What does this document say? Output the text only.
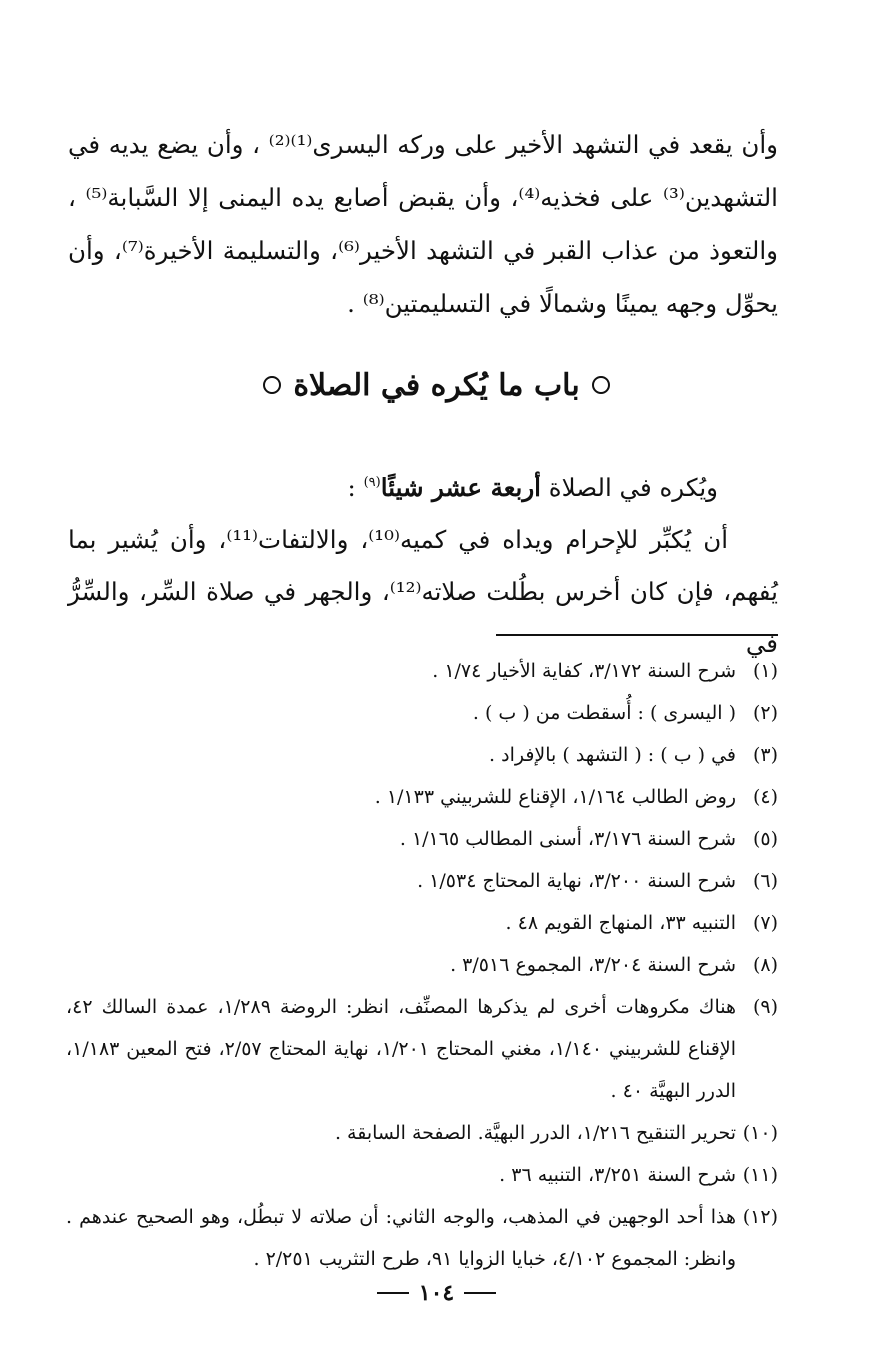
وأن يقعد في التشهد الأخير على وركه اليسرى⁽¹⁾⁽²⁾ ، وأن يضع يديه في التشهدين⁽³⁾ على فخذيه⁽⁴⁾، وأن يقبض أصابع يده اليمنى إلا السَّبابة⁽⁵⁾ ، والتعوذ من عذاب القبر في التشهد الأخير⁽⁶⁾، والتسليمة الأخيرة⁽⁷⁾، وأن يحوِّل وجهه يمينًا وشمالًا في التسليمتين⁽⁸⁾ .

باب ما يُكره في الصلاة

ويُكره في الصلاة أربعة عشر شيئًا$^{(٩)}$ :

أن يُكبِّر للإحرام ويداه في كميه⁽¹⁰⁾، والالتفات⁽¹¹⁾، وأن يُشير بما يُفهم، فإن كان أخرس بطُلت صلاته⁽¹²⁾، والجهر في صلاة السِّر، والسِّرُّ في

(١)
شرح السنة ٣/١٧٢، كفاية الأخيار ١/٧٤ .
(٢)
( اليسرى ) : أُسقطت من ( ب ) .
(٣)
في ( ب ) : ( التشهد ) بالإفراد .
(٤)
روض الطالب ١/١٦٤، الإقناع للشربيني ١/١٣٣ .
(٥)
شرح السنة ٣/١٧٦، أسنى المطالب ١/١٦٥ .
(٦)
شرح السنة ٣/٢٠٠، نهاية المحتاج ١/٥٣٤ .
(٧)
التنبيه ٣٣، المنهاج القويم ٤٨ .
(٨)
شرح السنة ٣/٢٠٤، المجموع ٣/٥١٦ .
(٩)
هناك مكروهات أخرى لم يذكرها المصنِّف، انظر: الروضة ١/٢٨٩، عمدة السالك ٤٢، الإقناع للشربيني ١/١٤٠، مغني المحتاج ١/٢٠١، نهاية المحتاج ٢/٥٧، فتح المعين ١/١٨٣، الدرر البهيَّة ٤٠ .
(١٠)
تحرير التنقيح ١/٢١٦، الدرر البهيَّة. الصفحة السابقة .
(١١)
شرح السنة ٣/٢٥١، التنبيه ٣٦ .
(١٢)
هذا أحد الوجهين في المذهب، والوجه الثاني: أن صلاته لا تبطُل، وهو الصحيح عندهم . وانظر: المجموع ٤/١٠٢، خبايا الزوايا ٩١، طرح التثريب ٢/٢٥١ .
١٠٤
